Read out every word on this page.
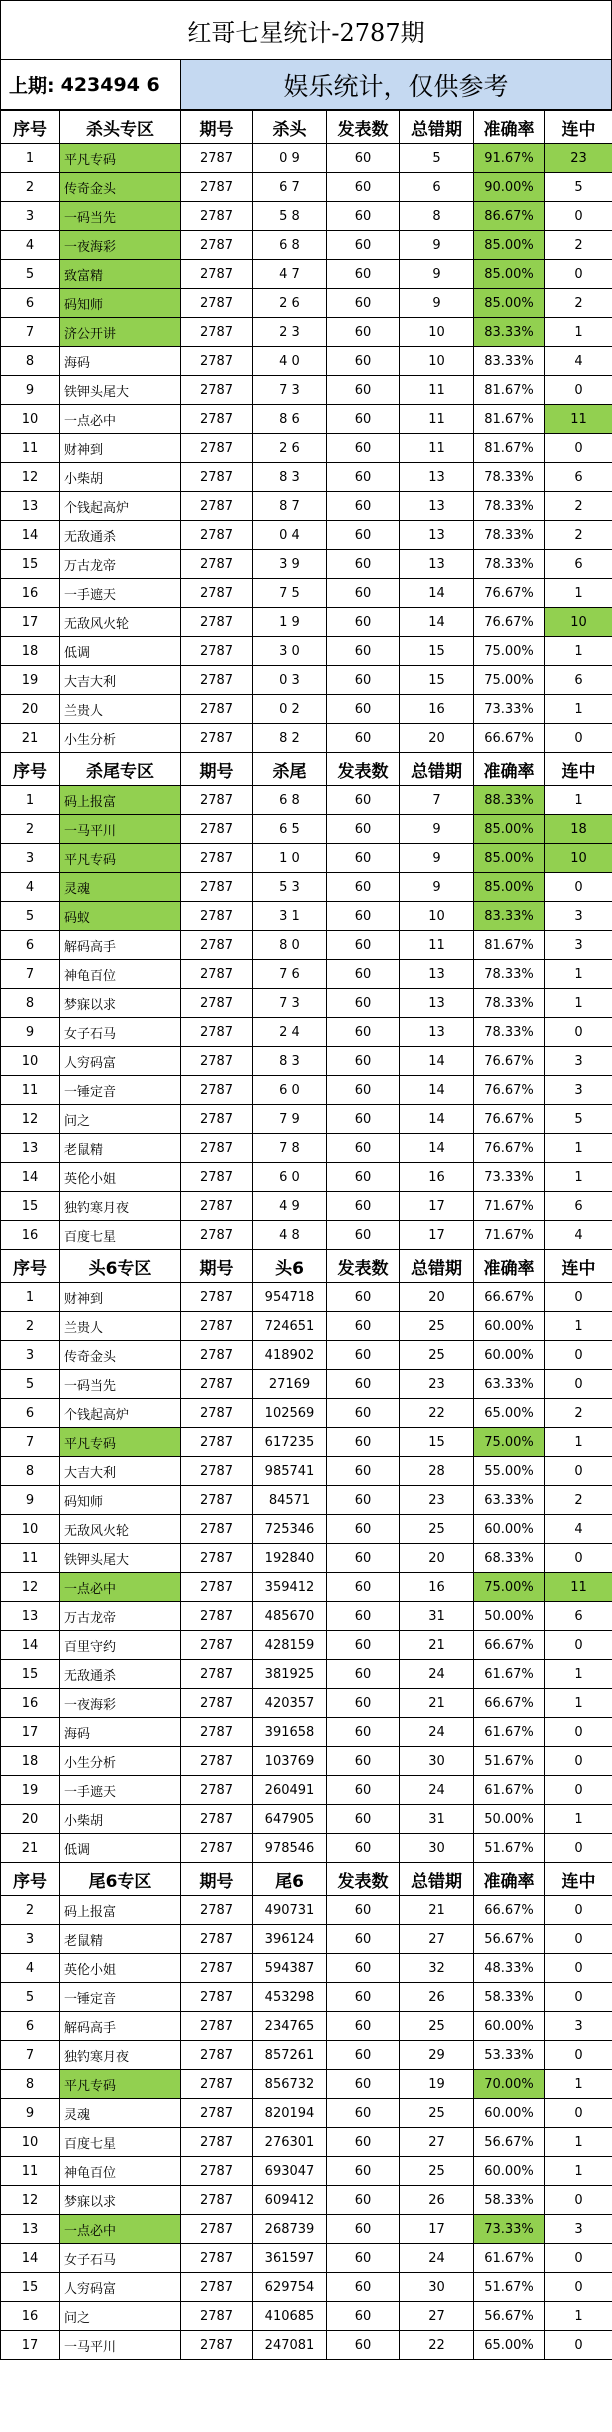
红哥七星统计-2787期
上期: 423494 6	娱乐统计，仅供参考
序号	杀头专区	期号	杀头	发表数	总错期	准确率	连中
1	平凡专码	2787	0 9	60	5	91.67%	23
2	传奇金头	2787	6 7	60	6	90.00%	5
3	一码当先	2787	5 8	60	8	86.67%	0
4	一夜海彩	2787	6 8	60	9	85.00%	2
5	致富精	2787	4 7	60	9	85.00%	0
6	码知师	2787	2 6	60	9	85.00%	2
7	济公开讲	2787	2 3	60	10	83.33%	1
8	海码	2787	4 0	60	10	83.33%	4
9	铁钾头尾大	2787	7 3	60	11	81.67%	0
10	一点必中	2787	8 6	60	11	81.67%	11
11	财神到	2787	2 6	60	11	81.67%	0
12	小柴胡	2787	8 3	60	13	78.33%	6
13	个钱起高炉	2787	8 7	60	13	78.33%	2
14	无敌通杀	2787	0 4	60	13	78.33%	2
15	万古龙帝	2787	3 9	60	13	78.33%	6
16	一手遮天	2787	7 5	60	14	76.67%	1
17	无敌风火轮	2787	1 9	60	14	76.67%	10
18	低调	2787	3 0	60	15	75.00%	1
19	大吉大利	2787	0 3	60	15	75.00%	6
20	兰贵人	2787	0 2	60	16	73.33%	1
21	小生分析	2787	8 2	60	20	66.67%	0
序号	杀尾专区	期号	杀尾	发表数	总错期	准确率	连中
1	码上报富	2787	6 8	60	7	88.33%	1
2	一马平川	2787	6 5	60	9	85.00%	18
3	平凡专码	2787	1 0	60	9	85.00%	10
4	灵魂	2787	5 3	60	9	85.00%	0
5	码蚁	2787	3 1	60	10	83.33%	3
6	解码高手	2787	8 0	60	11	81.67%	3
7	神龟百位	2787	7 6	60	13	78.33%	1
8	梦寐以求	2787	7 3	60	13	78.33%	1
9	女子石马	2787	2 4	60	13	78.33%	0
10	人穷码富	2787	8 3	60	14	76.67%	3
11	一锤定音	2787	6 0	60	14	76.67%	3
12	问之	2787	7 9	60	14	76.67%	5
13	老鼠精	2787	7 8	60	14	76.67%	1
14	英伦小姐	2787	6 0	60	16	73.33%	1
15	独钓寒月夜	2787	4 9	60	17	71.67%	6
16	百度七星	2787	4 8	60	17	71.67%	4
序号	头6专区	期号	头6	发表数	总错期	准确率	连中
1	财神到	2787	954718	60	20	66.67%	0
2	兰贵人	2787	724651	60	25	60.00%	1
3	传奇金头	2787	418902	60	25	60.00%	0
5	一码当先	2787	27169	60	23	63.33%	0
6	个钱起高炉	2787	102569	60	22	65.00%	2
7	平凡专码	2787	617235	60	15	75.00%	1
8	大吉大利	2787	985741	60	28	55.00%	0
9	码知师	2787	84571	60	23	63.33%	2
10	无敌风火轮	2787	725346	60	25	60.00%	4
11	铁钾头尾大	2787	192840	60	20	68.33%	0
12	一点必中	2787	359412	60	16	75.00%	11
13	万古龙帝	2787	485670	60	31	50.00%	6
14	百里守约	2787	428159	60	21	66.67%	0
15	无敌通杀	2787	381925	60	24	61.67%	1
16	一夜海彩	2787	420357	60	21	66.67%	1
17	海码	2787	391658	60	24	61.67%	0
18	小生分析	2787	103769	60	30	51.67%	0
19	一手遮天	2787	260491	60	24	61.67%	0
20	小柴胡	2787	647905	60	31	50.00%	1
21	低调	2787	978546	60	30	51.67%	0
序号	尾6专区	期号	尾6	发表数	总错期	准确率	连中
2	码上报富	2787	490731	60	21	66.67%	0
3	老鼠精	2787	396124	60	27	56.67%	0
4	英伦小姐	2787	594387	60	32	48.33%	0
5	一锤定音	2787	453298	60	26	58.33%	0
6	解码高手	2787	234765	60	25	60.00%	3
7	独钓寒月夜	2787	857261	60	29	53.33%	0
8	平凡专码	2787	856732	60	19	70.00%	1
9	灵魂	2787	820194	60	25	60.00%	0
10	百度七星	2787	276301	60	27	56.67%	1
11	神龟百位	2787	693047	60	25	60.00%	1
12	梦寐以求	2787	609412	60	26	58.33%	0
13	一点必中	2787	268739	60	17	73.33%	3
14	女子石马	2787	361597	60	24	61.67%	0
15	人穷码富	2787	629754	60	30	51.67%	0
16	问之	2787	410685	60	27	56.67%	1
17	一马平川	2787	247081	60	22	65.00%	0
